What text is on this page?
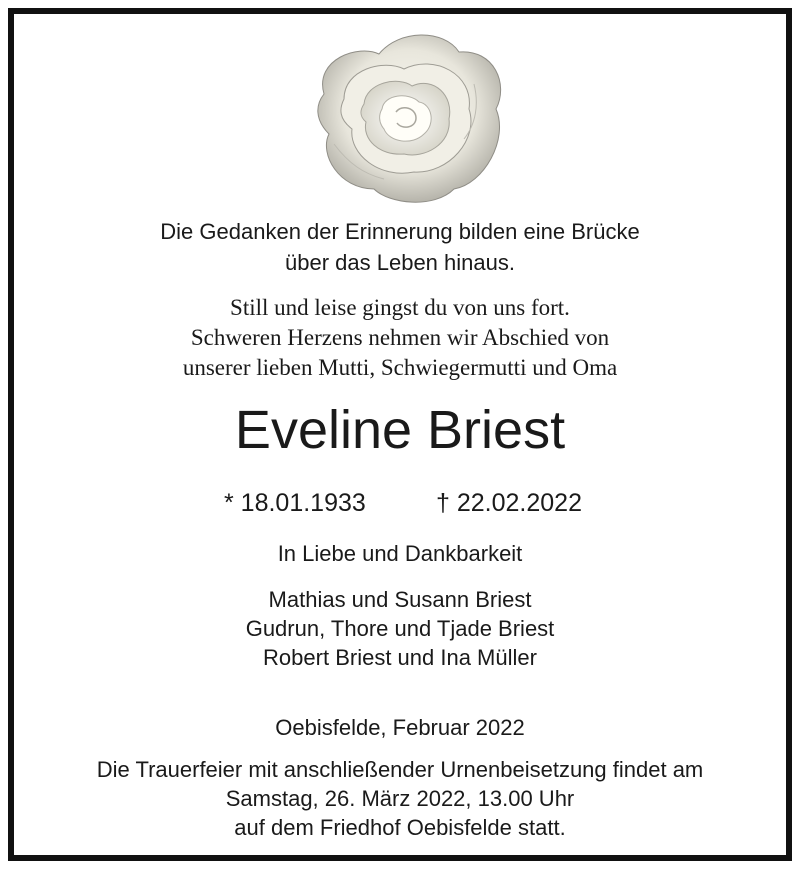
Die Gedanken der Erinnerung bilden eine Brücke
über das Leben hinaus.
Still und leise gingst du von uns fort.
Schweren Herzens nehmen wir Abschied von
unserer lieben Mutti, Schwiegermutti und Oma
Eveline Briest
* 18.01.1933	† 22.02.2022
In Liebe und Dankbarkeit
Mathias und Susann Briest
Gudrun, Thore und Tjade Briest
Robert Briest und Ina Müller
Oebisfelde, Februar 2022
Die Trauerfeier mit anschließender Urnenbeisetzung findet am
Samstag, 26. März 2022, 13.00 Uhr
auf dem Friedhof Oebisfelde statt.
